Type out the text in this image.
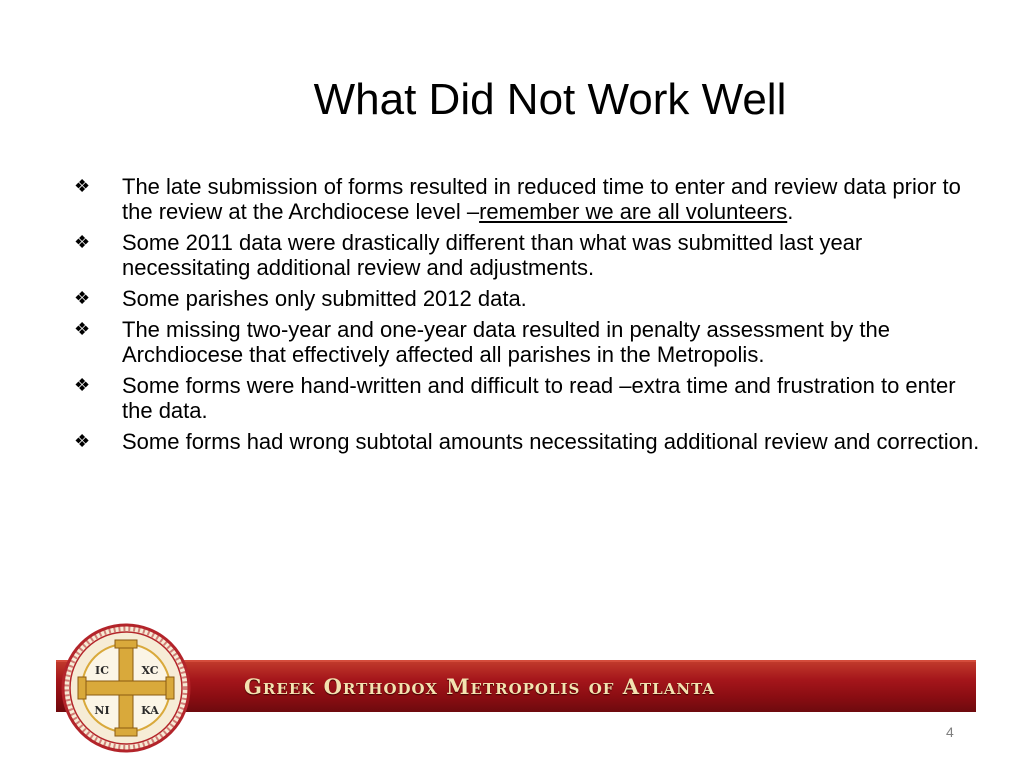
What Did Not Work Well
❖ The late submission of forms resulted in reduced time to enter and review data prior to the review at the Archdiocese level –remember we are all volunteers.
❖ Some 2011 data were drastically different than what was submitted last year necessitating additional review and adjustments.
❖ Some parishes only submitted 2012 data.
❖ The missing two-year and one-year data resulted in penalty assessment by the Archdiocese that effectively affected all parishes in the Metropolis.
❖ Some forms were hand-written and difficult to read –extra time and frustration to enter the data.
❖ Some forms had wrong subtotal amounts necessitating additional review and correction.
Greek Orthodox Metropolis of Atlanta
IC	XC
NI	KA
4
